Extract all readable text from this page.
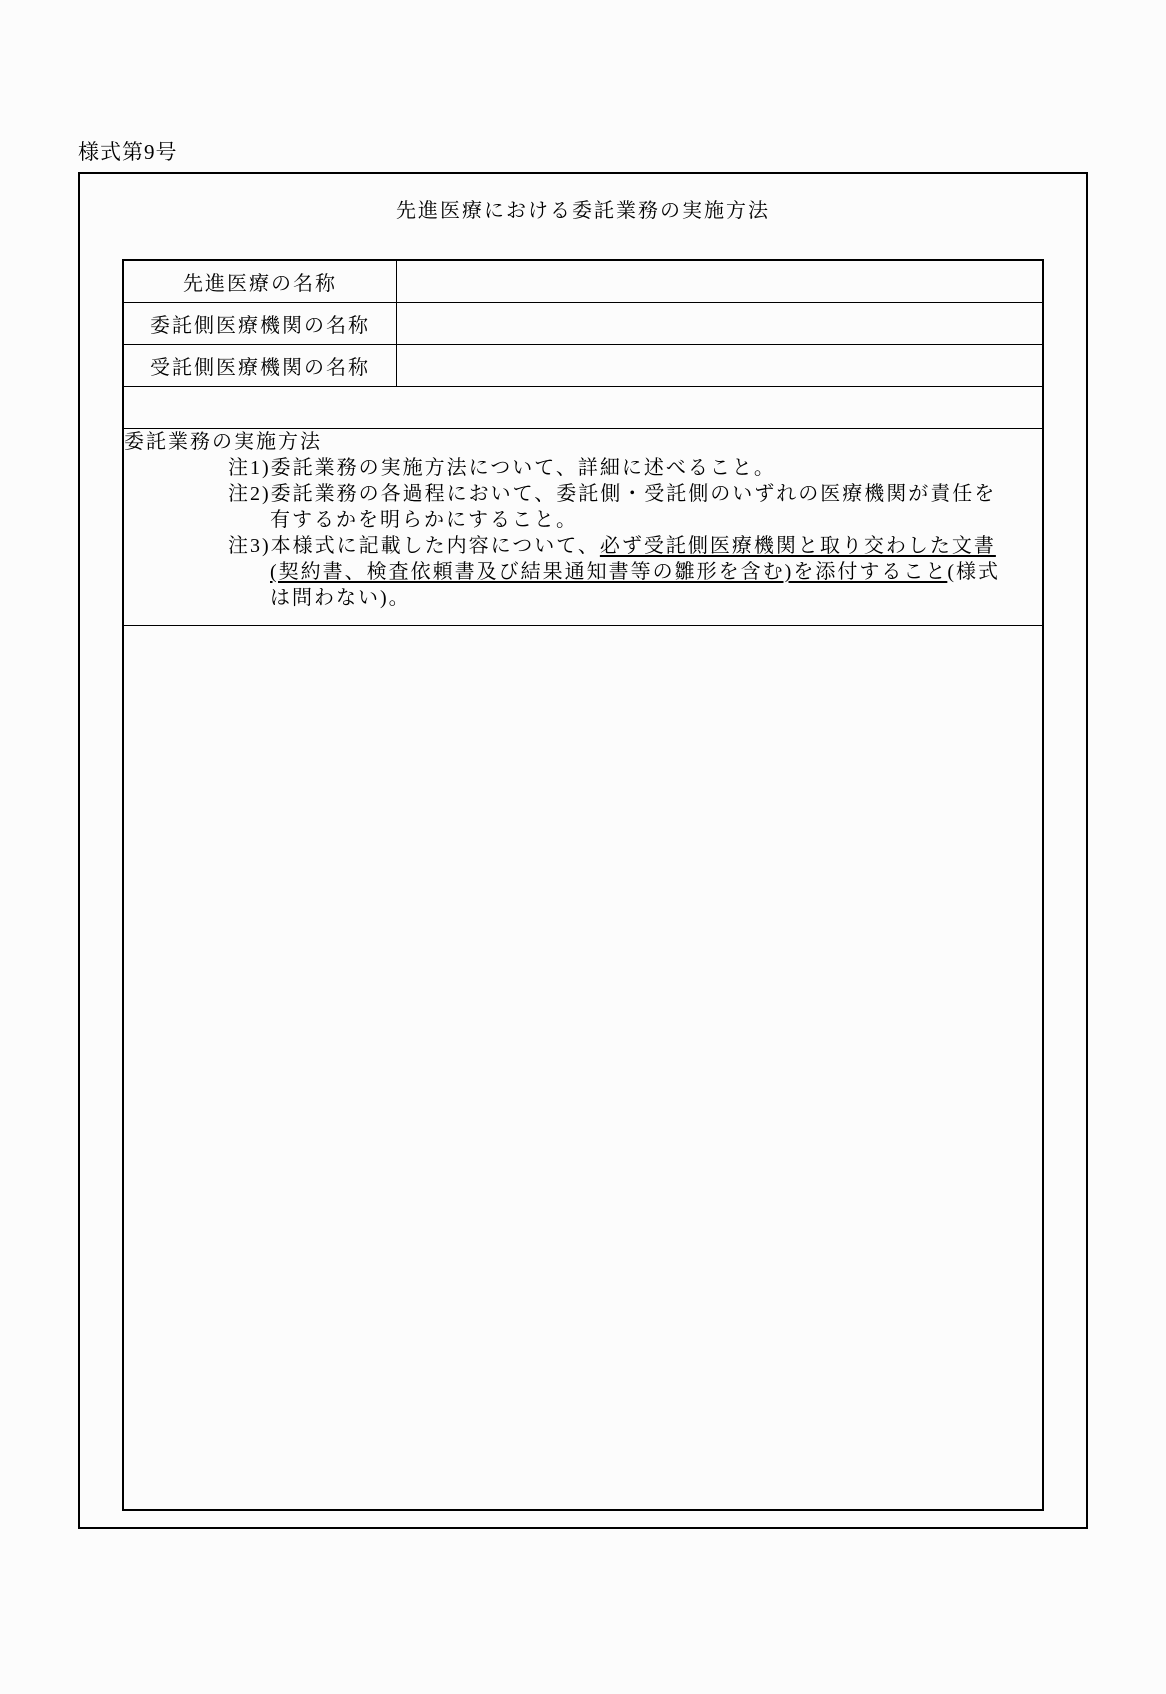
様式第9号
先進医療における委託業務の実施方法
先進医療の名称	
委託側医療機関の名称	
受託側医療機関の名称	

委託業務の実施方法
注1)委託業務の実施方法について、詳細に述べること。
注2)委託業務の各過程において、委託側・受託側のいずれの医療機関が責任を
有するかを明らかにすること。
注3)本様式に記載した内容について、必ず受託側医療機関と取り交わした文書
(契約書、検査依頼書及び結果通知書等の雛形を含む)を添付すること(様式
は問わない)。
